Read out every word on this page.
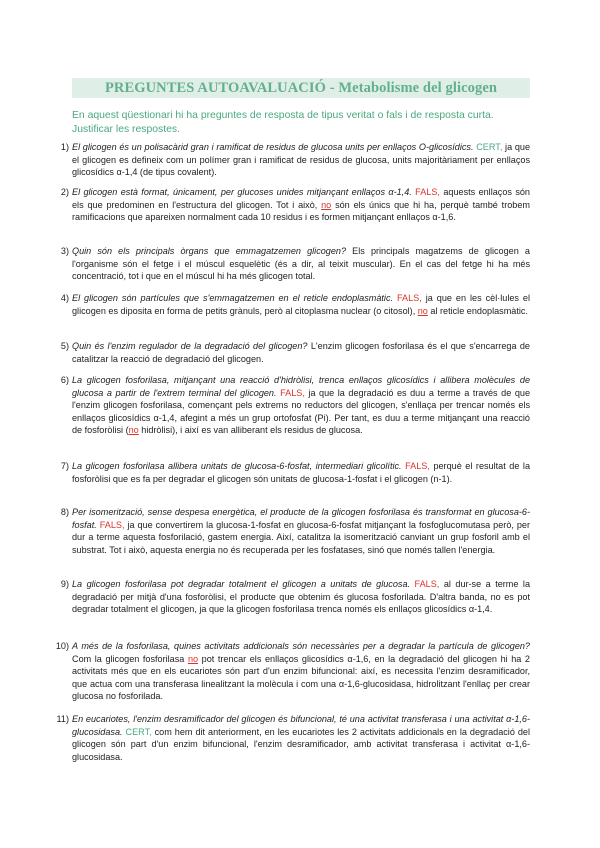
PREGUNTES AUTOAVALUACIÓ - Metabolisme del glicogen
En aquest qüestionari hi ha preguntes de resposta de tipus veritat o fals i de resposta curta. Justificar les respostes.
1) El glicogen és un polisacàrid gran i ramificat de residus de glucosa units per enllaços O-glicosídics. CERT, ja que el glicogen es defineix com un polímer gran i ramificat de residus de glucosa, units majoritàriament per enllaços glicosídics α-1,4 (de tipus covalent).
2) El glicogen està format, únicament, per glucoses unides mitjançant enllaços α-1,4. FALS, aquests enllaços són els que predominen en l'estructura del glicogen. Tot i això, no són els únics que hi ha, perquè també trobem ramificacions que apareixen normalment cada 10 residus i es formen mitjançant enllaços α-1,6.
3) Quin són els principals òrgans que emmagatzemen glicogen? Els principals magatzems de glicogen a l'organisme són el fetge i el múscul esquelètic (és a dir, al teixit muscular). En el cas del fetge hi ha més concentració, tot i que en el múscul hi ha més glicogen total.
4) El glicogen són partícules que s'emmagatzemen en el reticle endoplasmàtic. FALS, ja que en les cèl·lules el glicogen es diposita en forma de petits grànuls, però al citoplasma nuclear (o citosol), no al reticle endoplasmàtic.
5) Quin és l'enzim regulador de la degradació del glicogen? L'enzim glicogen fosforilasa és el que s'encarrega de catalitzar la reacció de degradació del glicogen.
6) La glicogen fosforilasa, mitjançant una reacció d'hidròlisi, trenca enllaços glicosídics i allibera molècules de glucosa a partir de l'extrem terminal del glicogen. FALS, ja que la degradació es duu a terme a través de que l'enzim glicogen fosforilasa, començant pels extrems no reductors del glicogen, s'enllaça per trencar només els enllaços glicosídics α-1,4, afegint a més un grup ortofosfat (Pi). Per tant, es duu a terme mitjançant una reacció de fosforòlisi (no hidròlisi), i així es van alliberant els residus de glucosa.
7) La glicogen fosforilasa allibera unitats de glucosa-6-fosfat, intermediari glicolític. FALS, perquè el resultat de la fosforòlisi que es fa per degradar el glicogen són unitats de glucosa-1-fosfat i el glicogen (n-1).
8) Per isomerització, sense despesa energètica, el producte de la glicogen fosforilasa és transformat en glucosa-6-fosfat. FALS, ja que convertirem la glucosa-1-fosfat en glucosa-6-fosfat mitjançant la fosfoglucomutasa però, per dur a terme aquesta fosforilació, gastem energia. Així, catalitza la isomerització canviant un grup fosforil amb el substrat. Tot i això, aquesta energia no és recuperada per les fosfatases, sinó que només tallen l'energia.
9) La glicogen fosforilasa pot degradar totalment el glicogen a unitats de glucosa. FALS, al dur-se a terme la degradació per mitjà d'una fosforòlisi, el producte que obtenim és glucosa fosforilada. D'altra banda, no es pot degradar totalment el glicogen, ja que la glicogen fosforilasa trenca només els enllaços glicosídics α-1,4.
10) A més de la fosforilasa, quines activitats addicionals són necessàries per a degradar la partícula de glicogen? Com la glicogen fosforilasa no pot trencar els enllaços glicosídics α-1,6, en la degradació del glicogen hi ha 2 activitats més que en els eucariotes són part d'un enzim bifuncional: així, es necessita l'enzim desramificador, que actua com una transferasa linealitzant la molècula i com una α-1,6-glucosidasa, hidrolitzant l'enllaç per crear glucosa no fosforilada.
11) En eucariotes, l'enzim desramificador del glicogen és bifuncional, té una activitat transferasa i una activitat α-1,6-glucosidasa. CERT, com hem dit anteriorment, en les eucariotes les 2 activitats addicionals en la degradació del glicogen són part d'un enzim bifuncional, l'enzim desramificador, amb activitat transferasa i activitat α-1,6-glucosidasa.
